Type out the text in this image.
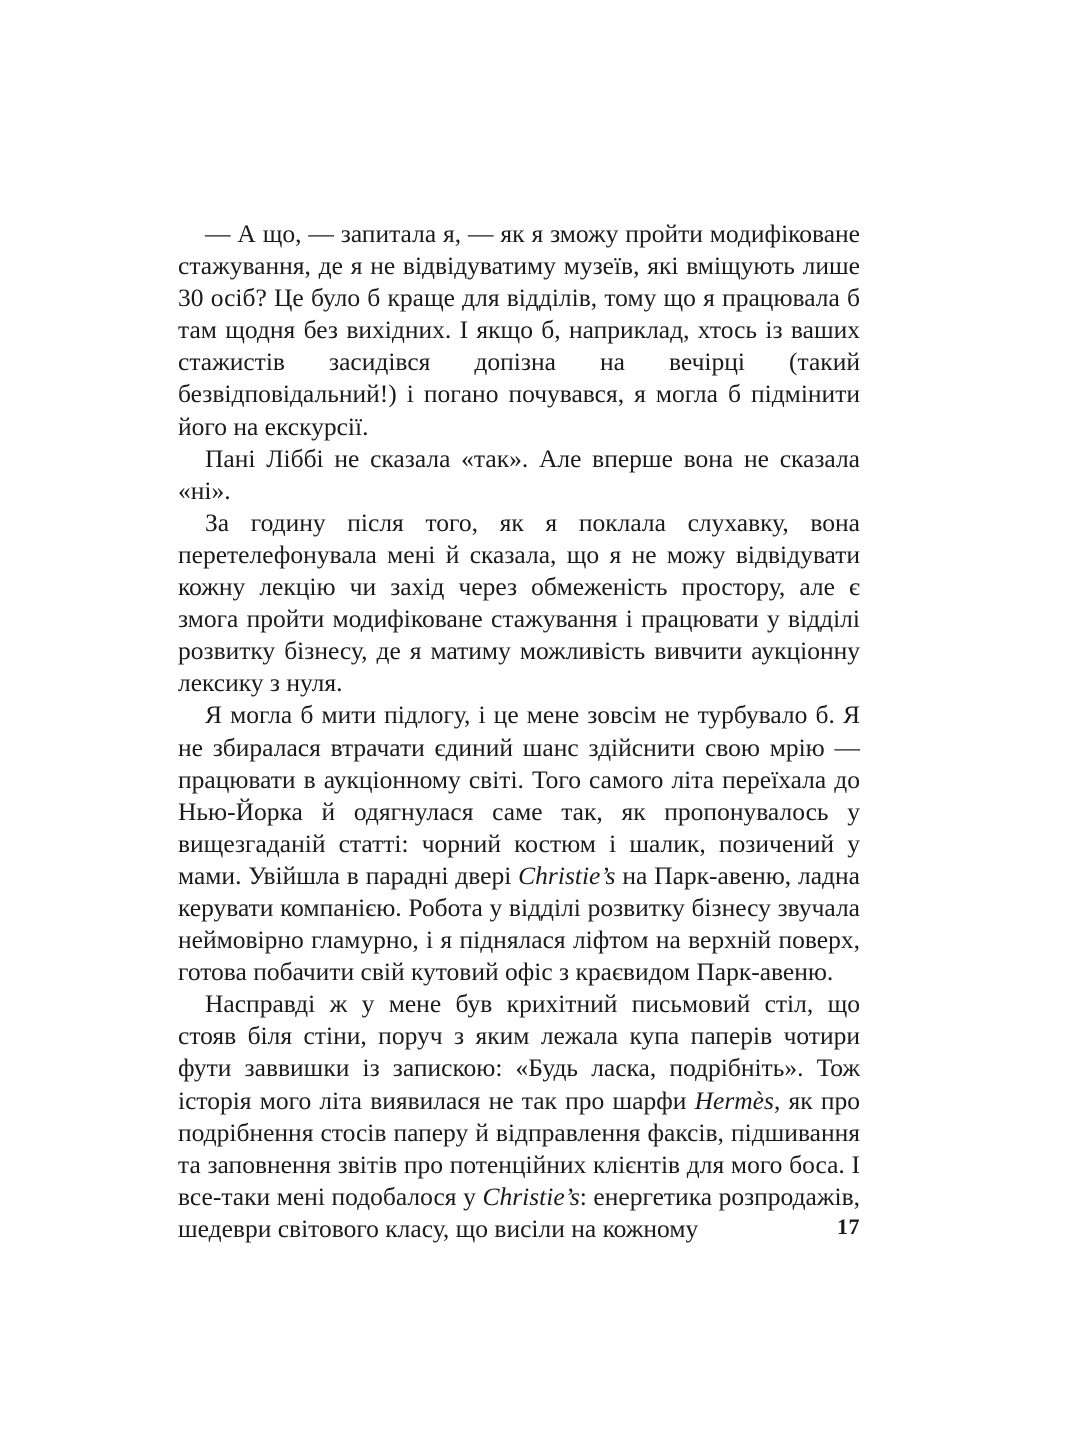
— А що, — запитала я, — як я зможу пройти модифіковане стажування, де я не відвідуватиму музеїв, які вміщують лише 30 осіб? Це було б краще для відділів, тому що я працювала б там щодня без вихідних. І якщо б, наприклад, хтось із ваших стажистів засидівся допізна на вечірці (такий безвідповідальний!) і погано почувався, я могла б підмінити його на екскурсії.

Пані Ліббі не сказала «так». Але вперше вона не сказала «ні».

За годину після того, як я поклала слухавку, вона перетелефонувала мені й сказала, що я не можу відвідувати кожну лекцію чи захід через обмеженість простору, але є змога пройти модифіковане стажування і працювати у відділі розвитку бізнесу, де я матиму можливість вивчити аукціонну лексику з нуля.

Я могла б мити підлогу, і це мене зовсім не турбувало б. Я не збиралася втрачати єдиний шанс здійснити свою мрію — працювати в аукціонному світі. Того самого літа переїхала до Нью-Йорка й одягнулася саме так, як пропонувалось у вищезгаданій статті: чорний костюм і шалик, позичений у мами. Увійшла в парадні двері Christie’s на Парк-авеню, ладна керувати компанією. Робота у відділі розвитку бізнесу звучала неймовірно гламурно, і я піднялася ліфтом на верхній поверх, готова побачити свій кутовий офіс з краєвидом Парк-авеню.

Насправді ж у мене був крихітний письмовий стіл, що стояв біля стіни, поруч з яким лежала купа паперів чотири фути заввишки із запискою: «Будь ласка, подрібніть». Тож історія мого літа виявилася не так про шарфи Hermès, як про подрібнення стосів паперу й відправлення факсів, підшивання та заповнення звітів про потенційних клієнтів для мого боса. І все-таки мені подобалося у Christie’s: енергетика розпродажів, шедеври світового класу, що висіли на кожному	17
